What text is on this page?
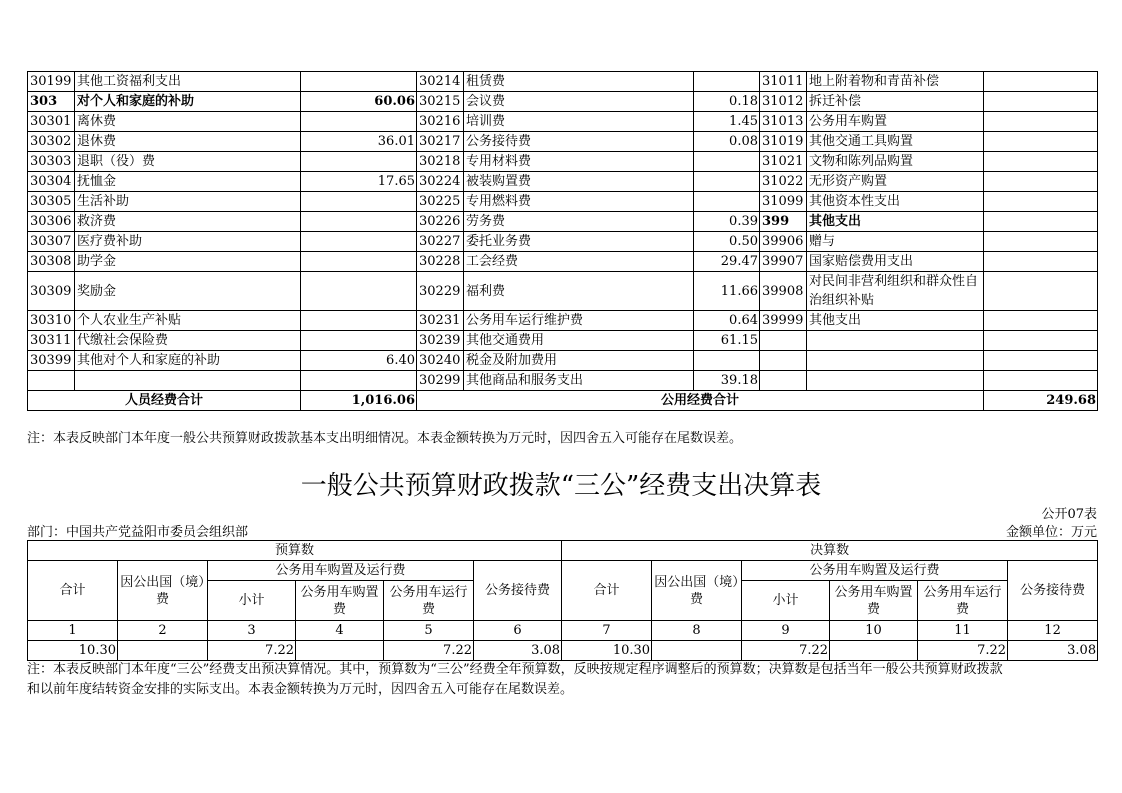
30199	其他工资福利支出		30214	租赁费		31011	地上附着物和青苗补偿	
303	对个人和家庭的补助	60.06	30215	会议费	0.18	31012	拆迁补偿	
30301	离休费		30216	培训费	1.45	31013	公务用车购置	
30302	退休费	36.01	30217	公务接待费	0.08	31019	其他交通工具购置	
30303	退职（役）费		30218	专用材料费		31021	文物和陈列品购置	
30304	抚恤金	17.65	30224	被装购置费		31022	无形资产购置	
30305	生活补助		30225	专用燃料费		31099	其他资本性支出	
30306	救济费		30226	劳务费	0.39	399	其他支出	
30307	医疗费补助		30227	委托业务费	0.50	39906	赠与	
30308	助学金		30228	工会经费	29.47	39907	国家赔偿费用支出	
30309	奖励金		30229	福利费	11.66	39908	对民间非营利组织和群众性自治组织补贴	
30310	个人农业生产补贴		30231	公务用车运行维护费	0.64	39999	其他支出	
30311	代缴社会保险费		30239	其他交通费用	61.15			
30399	其他对个人和家庭的补助	6.40	30240	税金及附加费用				
			30299	其他商品和服务支出	39.18			
人员经费合计		1,016.06	公用经费合计					249.68
注：本表反映部门本年度一般公共预算财政拨款基本支出明细情况。本表金额转换为万元时，因四舍五入可能存在尾数误差。
一般公共预算财政拨款“三公”经费支出决算表
公开07表
部门：中国共产党益阳市委员会组织部	金额单位：万元
预算数						决算数					
合计	因公出国（境）费	公务用车购置及运行费			公务接待费	合计	因公出国（境）费	公务用车购置及运行费			公务接待费
		小计	公务用车购置费	公务用车运行费				小计	公务用车购置费	公务用车运行费	
1	2	3	4	5	6	7	8	9	10	11	12
10.30		7.22		7.22	3.08	10.30		7.22		7.22	3.08
注：本表反映部门本年度“三公”经费支出预决算情况。其中，预算数为“三公”经费全年预算数，反映按规定程序调整后的预算数；决算数是包括当年一般公共预算财政拨款
和以前年度结转资金安排的实际支出。本表金额转换为万元时，因四舍五入可能存在尾数误差。
